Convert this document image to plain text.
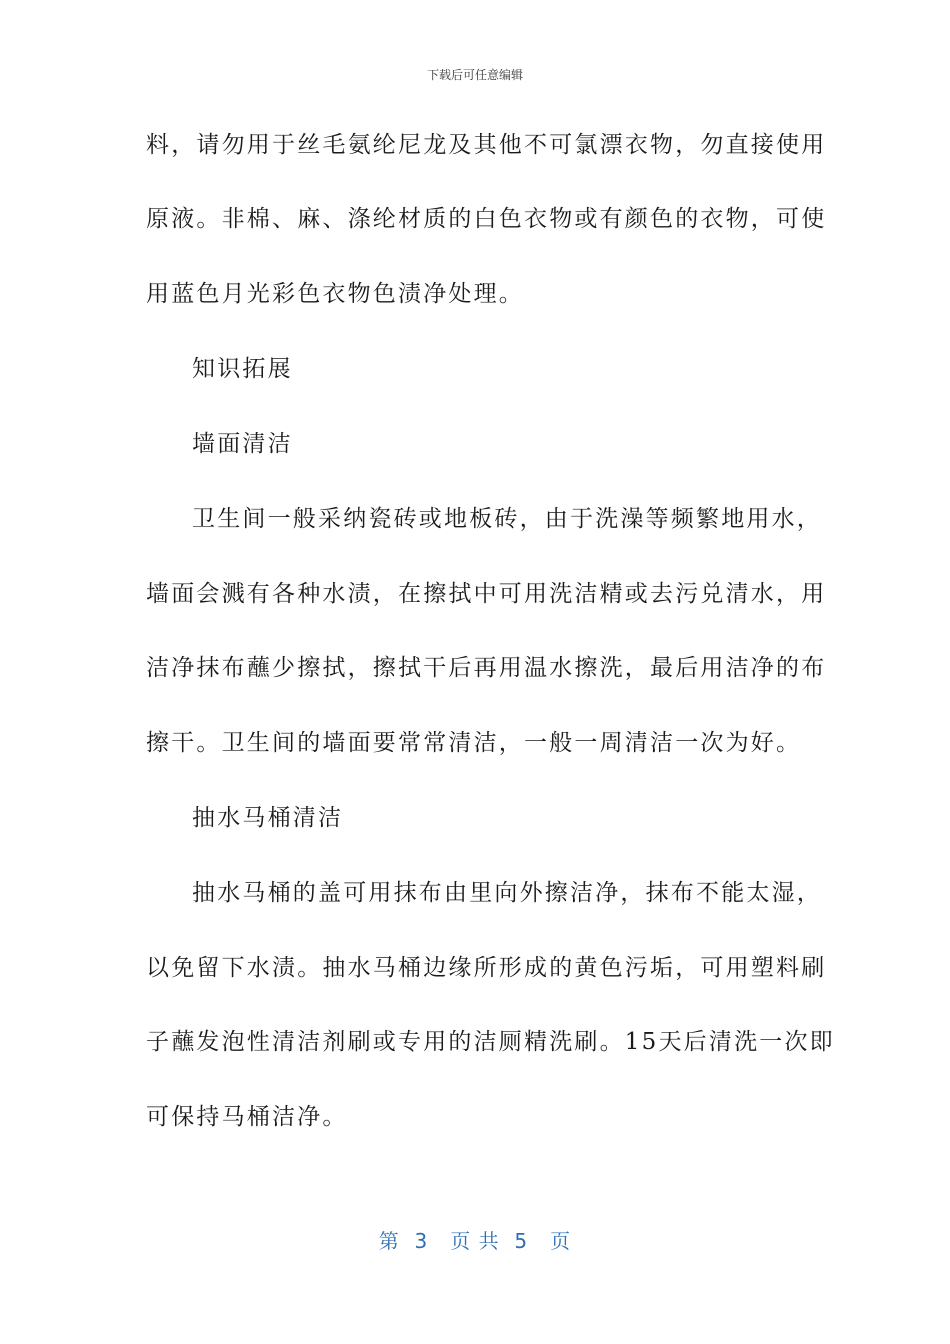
下载后可任意编辑
料，请勿用于丝毛氨纶尼龙及其他不可氯漂衣物，勿直接使用
原液。非棉、麻、涤纶材质的白色衣物或有颜色的衣物，可使
用蓝色月光彩色衣物色渍净处理。
知识拓展
墙面清洁
卫生间一般采纳瓷砖或地板砖，由于洗澡等频繁地用水，
墙面会溅有各种水渍，在擦拭中可用洗洁精或去污兑清水，用
洁净抹布蘸少擦拭，擦拭干后再用温水擦洗，最后用洁净的布
擦干。卫生间的墙面要常常清洁，一般一周清洁一次为好。
抽水马桶清洁
抽水马桶的盖可用抹布由里向外擦洁净，抹布不能太湿，
以免留下水渍。抽水马桶边缘所形成的黄色污垢，可用塑料刷
子蘸发泡性清洁剂刷或专用的洁厕精洗刷。15天后清洗一次即
可保持马桶洁净。
第  3   页 共  5   页
